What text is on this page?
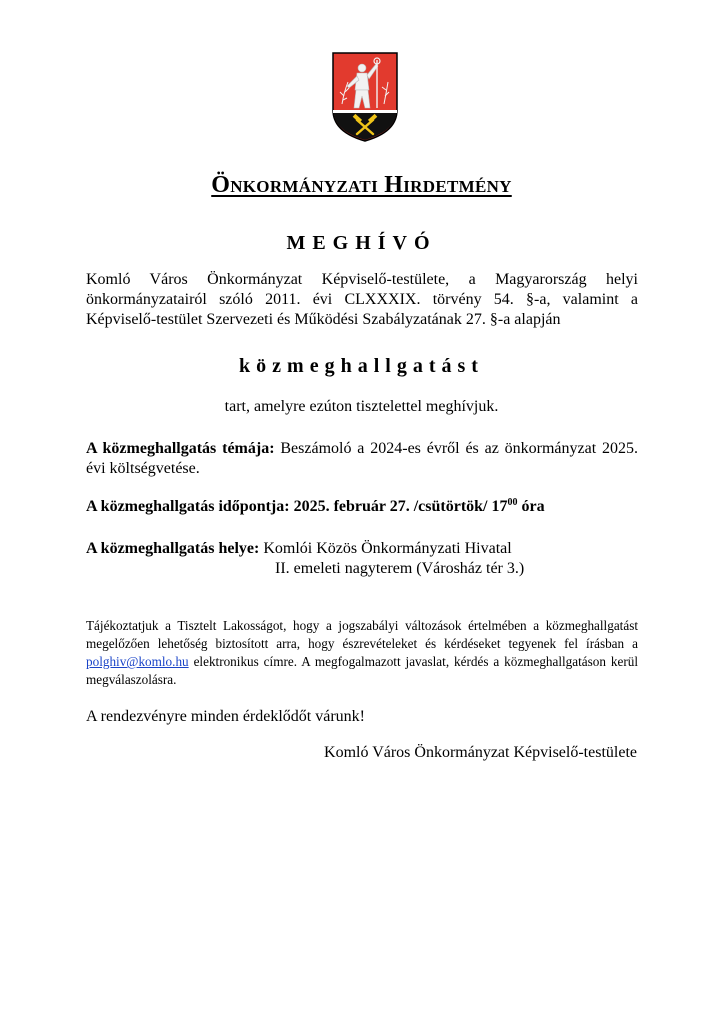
Önkormányzati Hirdetmény
MEGHÍVÓ
Komló Város Önkormányzat Képviselő-testülete, a Magyarország helyi önkormányzatairól szóló 2011. évi CLXXXIX. törvény 54. §-a, valamint a Képviselő-testület Szervezeti és Működési Szabályzatának 27. §-a alapján
közmeghallgatást
tart, amelyre ezúton tisztelettel meghívjuk.
A közmeghallgatás témája: Beszámoló a 2024-es évről és az önkormányzat 2025. évi költségvetése.
A közmeghallgatás időpontja: 2025. február 27. /csütörtök/ $17^{00}$ óra
A közmeghallgatás helye: Komlói Közös Önkormányzati Hivatal
II. emeleti nagyterem (Városház tér 3.)
Tájékoztatjuk a Tisztelt Lakosságot, hogy a jogszabályi változások értelmében a közmeghallgatást megelőzően lehetőség biztosított arra, hogy észrevételeket és kérdéseket tegyenek fel írásban a polghiv@komlo.hu elektronikus címre. A megfogalmazott javaslat, kérdés a közmeghallgatáson kerül megválaszolásra.
A rendezvényre minden érdeklődőt várunk!
Komló Város Önkormányzat Képviselő-testülete
